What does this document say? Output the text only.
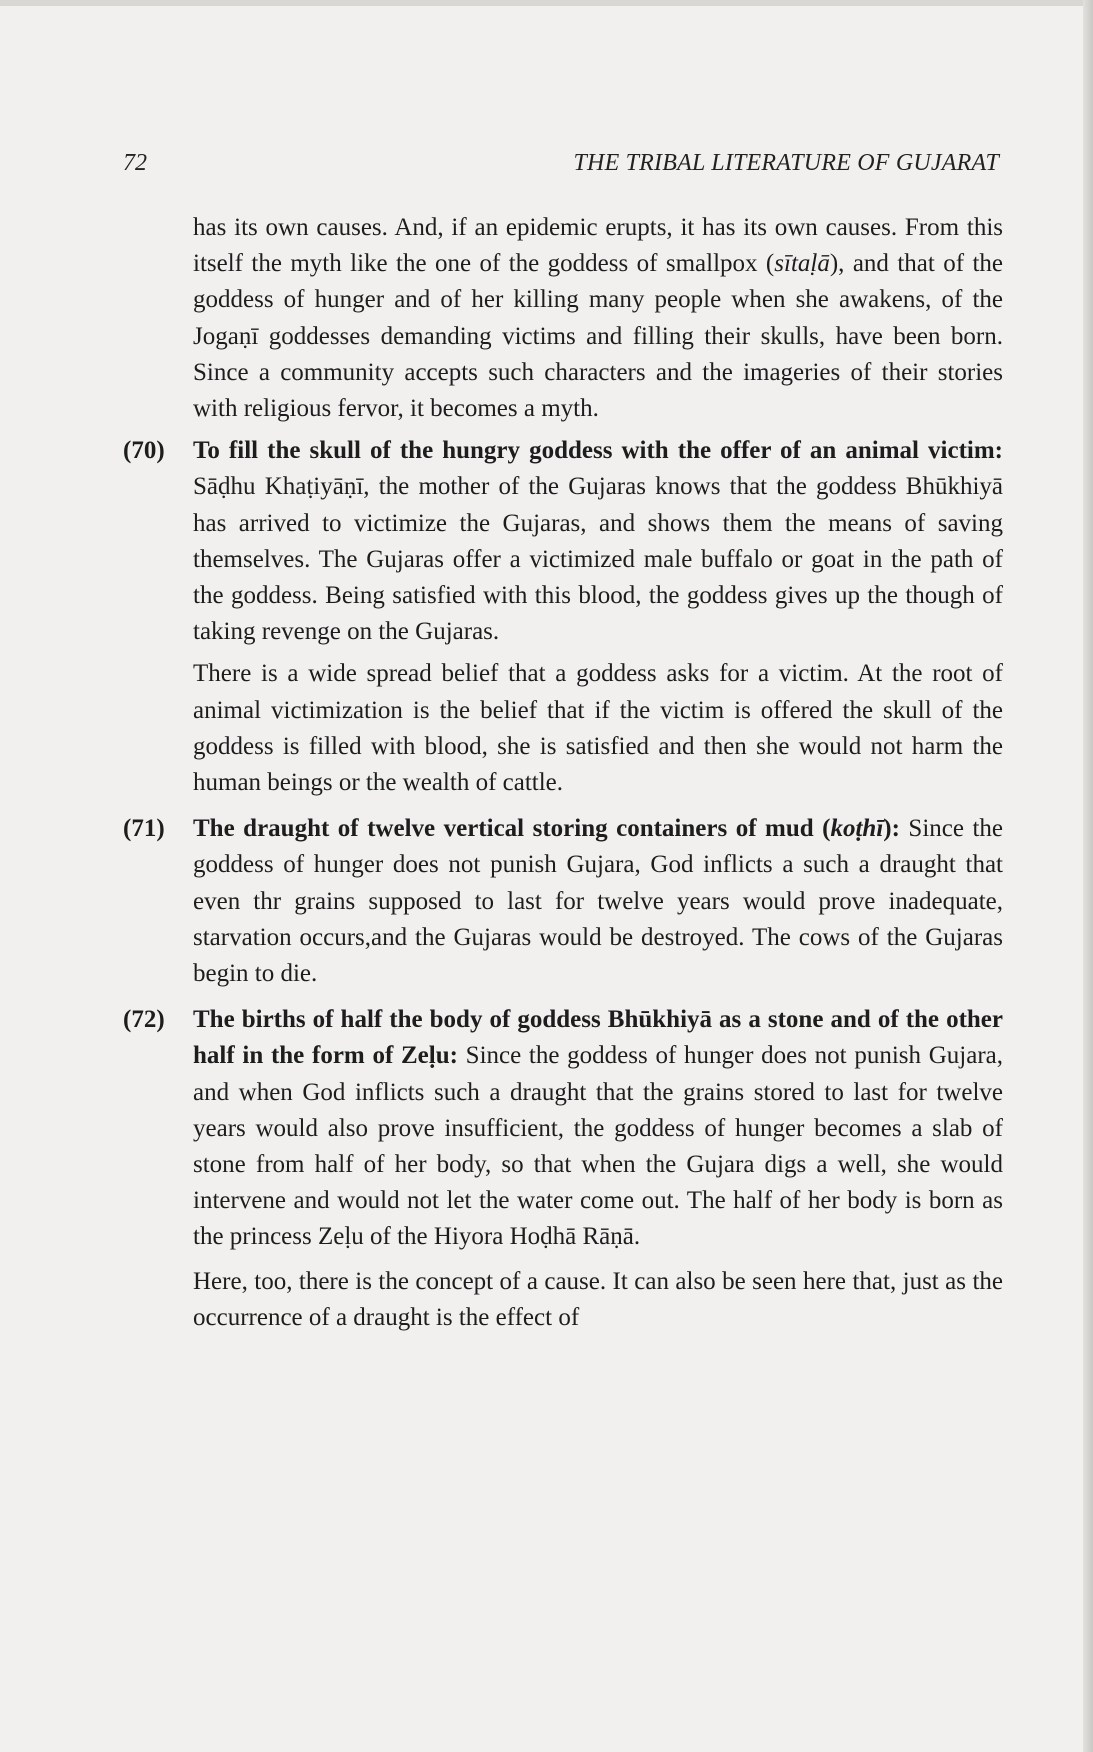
72	THE TRIBAL LITERATURE OF GUJARAT

has its own causes. And, if an epidemic erupts, it has its own causes. From this itself the myth like the one of the goddess of smallpox (sītaḷā), and that of the goddess of hunger and of her killing many people when she awakens, of the Jogaṇī goddesses demanding victims and filling their skulls, have been born. Since a community accepts such characters and the imageries of their stories with religious fervor, it becomes a myth.

(70) To fill the skull of the hungry goddess with the offer of an animal victim: Sāḍhu Khaṭiyāṇī, the mother of the Gujaras knows that the goddess Bhūkhiyā has arrived to victimize the Gujaras, and shows them the means of saving themselves. The Gujaras offer a victimized male buffalo or goat in the path of the goddess. Being satisfied with this blood, the goddess gives up the though of taking revenge on the Gujaras.

There is a wide spread belief that a goddess asks for a victim. At the root of animal victimization is the belief that if the victim is offered the skull of the goddess is filled with blood, she is satisfied and then she would not harm the human beings or the wealth of cattle.

(71) The draught of twelve vertical storing containers of mud (koṭhī): Since the goddess of hunger does not punish Gujara, God inflicts a such a draught that even thr grains supposed to last for twelve years would prove inadequate, starvation occurs,and the Gujaras would be destroyed. The cows of the Gujaras begin to die.
(72) The births of half the body of goddess Bhūkhiyā as a stone and of the other half in the form of Zeḷu: Since the goddess of hunger does not punish Gujara, and when God inflicts such a draught that the grains stored to last for twelve years would also prove insufficient, the goddess of hunger becomes a slab of stone from half of her body, so that when the Gujara digs a well, she would intervene and would not let the water come out. The half of her body is born as the princess Zeḷu of the Hiyora Hoḍhā Rāṇā.

Here, too, there is the concept of a cause. It can also be seen here that, just as the occurrence of a draught is the effect of
